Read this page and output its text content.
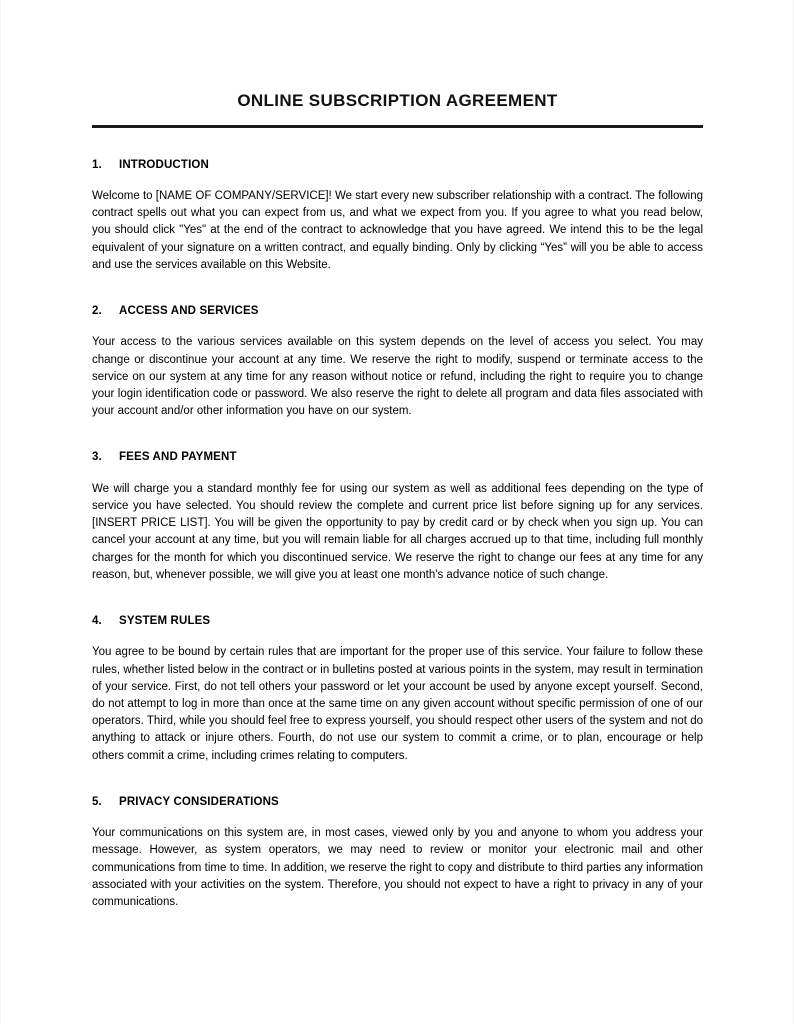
ONLINE SUBSCRIPTION AGREEMENT
1. INTRODUCTION

Welcome to [NAME OF COMPANY/SERVICE]! We start every new subscriber relationship with a contract. The following contract spells out what you can expect from us, and what we expect from you. If you agree to what you read below, you should click "Yes" at the end of the contract to acknowledge that you have agreed. We intend this to be the legal equivalent of your signature on a written contract, and equally binding. Only by clicking “Yes” will you be able to access and use the services available on this Website.

2. ACCESS AND SERVICES

Your access to the various services available on this system depends on the level of access you select. You may change or discontinue your account at any time. We reserve the right to modify, suspend or terminate access to the service on our system at any time for any reason without notice or refund, including the right to require you to change your login identification code or password. We also reserve the right to delete all program and data files associated with your account and/or other information you have on our system.

3. FEES AND PAYMENT

We will charge you a standard monthly fee for using our system as well as additional fees depending on the type of service you have selected. You should review the complete and current price list before signing up for any services. [INSERT PRICE LIST]. You will be given the opportunity to pay by credit card or by check when you sign up. You can cancel your account at any time, but you will remain liable for all charges accrued up to that time, including full monthly charges for the month for which you discontinued service. We reserve the right to change our fees at any time for any reason, but, whenever possible, we will give you at least one month's advance notice of such change.

4. SYSTEM RULES

You agree to be bound by certain rules that are important for the proper use of this service. Your failure to follow these rules, whether listed below in the contract or in bulletins posted at various points in the system, may result in termination of your service. First, do not tell others your password or let your account be used by anyone except yourself. Second, do not attempt to log in more than once at the same time on any given account without specific permission of one of our operators. Third, while you should feel free to express yourself, you should respect other users of the system and not do anything to attack or injure others. Fourth, do not use our system to commit a crime, or to plan, encourage or help others commit a crime, including crimes relating to computers.

5. PRIVACY CONSIDERATIONS

Your communications on this system are, in most cases, viewed only by you and anyone to whom you address your message. However, as system operators, we may need to review or monitor your electronic mail and other communications from time to time. In addition, we reserve the right to copy and distribute to third parties any information associated with your activities on the system. Therefore, you should not expect to have a right to privacy in any of your communications.
